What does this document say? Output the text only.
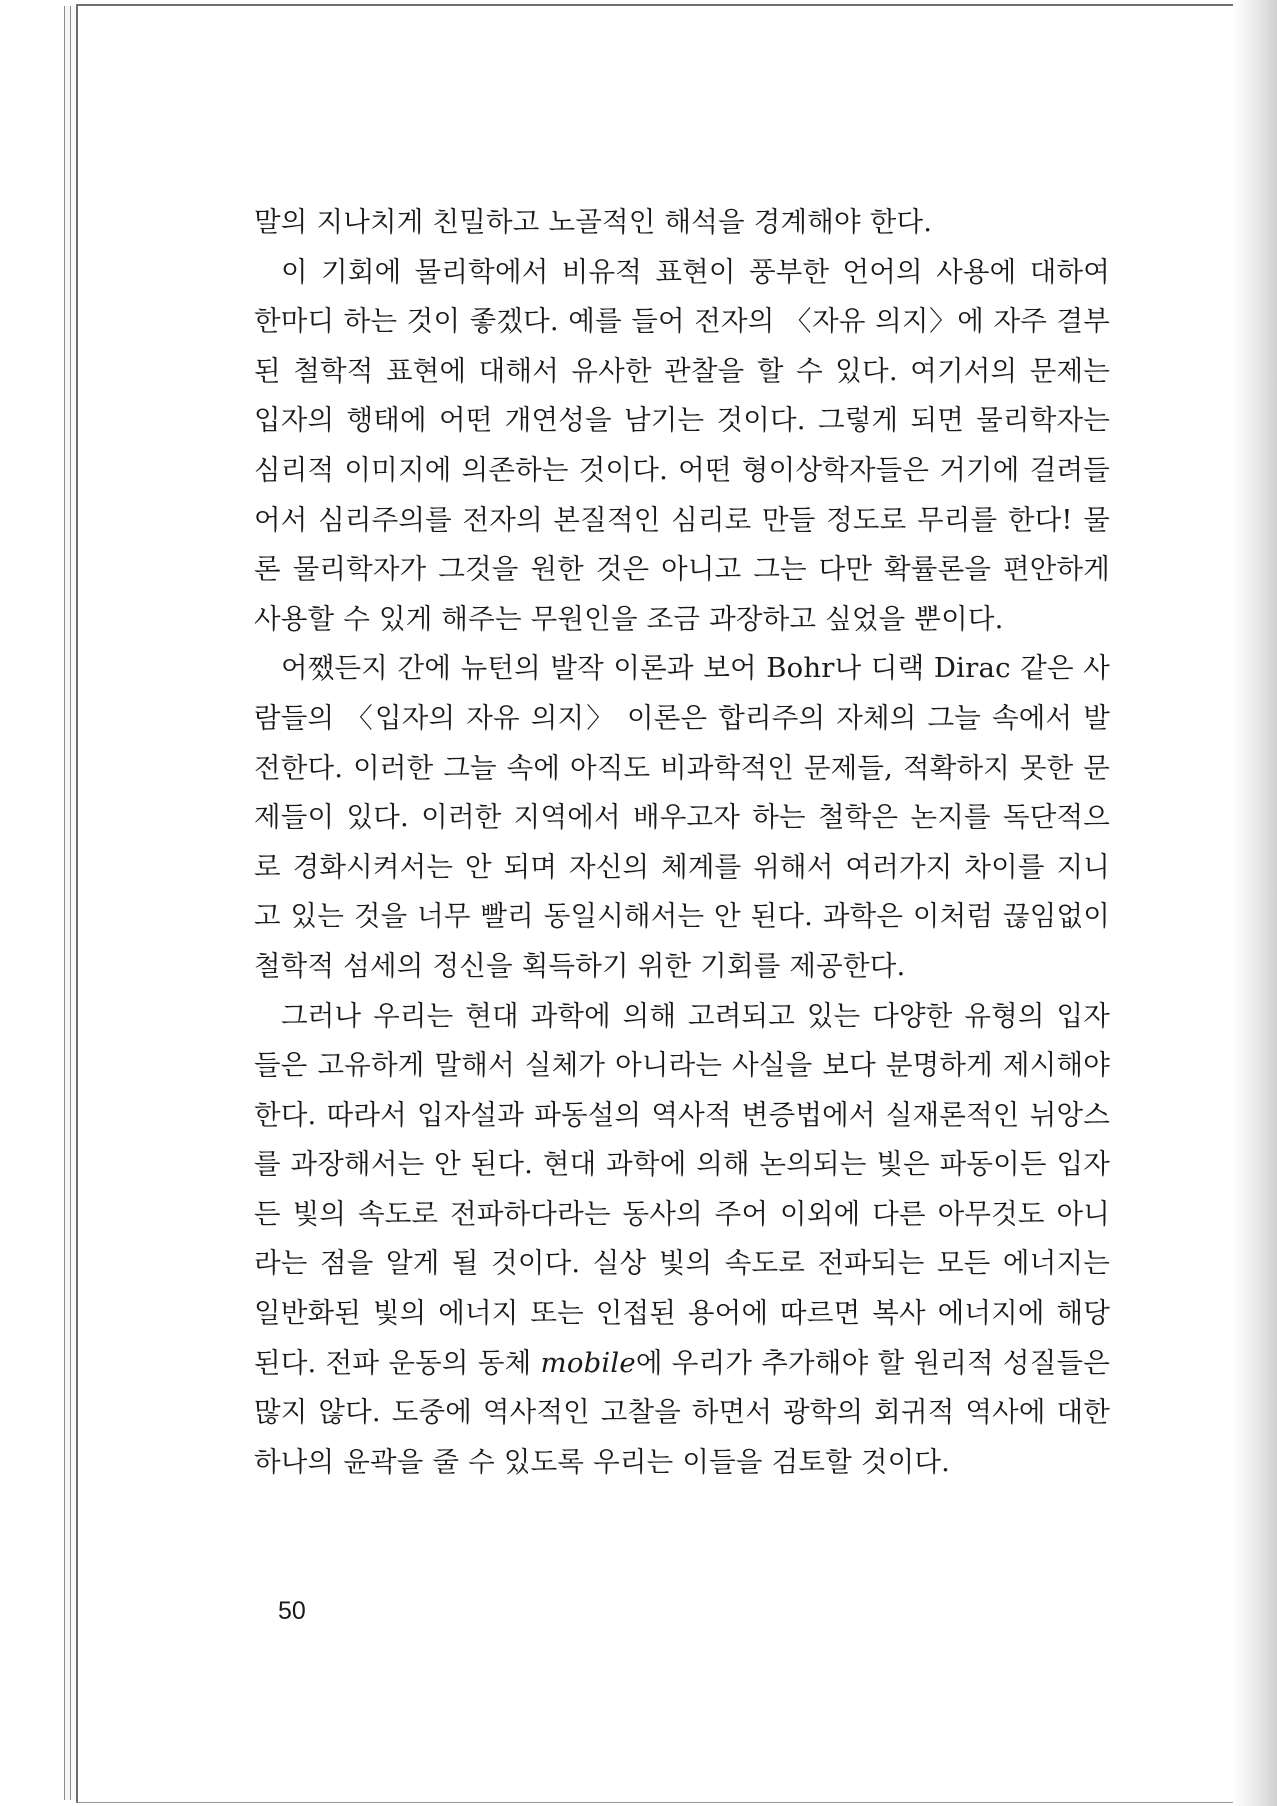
말의 지나치게 친밀하고 노골적인 해석을 경계해야 한다.

이 기회에 물리학에서 비유적 표현이 풍부한 언어의 사용에 대하여 한마디 하는 것이 좋겠다. 예를 들어 전자의 〈자유 의지〉에 자주 결부된 철학적 표현에 대해서 유사한 관찰을 할 수 있다. 여기서의 문제는 입자의 행태에 어떤 개연성을 남기는 것이다. 그렇게 되면 물리학자는 심리적 이미지에 의존하는 것이다. 어떤 형이상학자들은 거기에 걸려들어서 심리주의를 전자의 본질적인 심리로 만들 정도로 무리를 한다! 물론 물리학자가 그것을 원한 것은 아니고 그는 다만 확률론을 편안하게 사용할 수 있게 해주는 무원인을 조금 과장하고 싶었을 뿐이다.

어쨌든지 간에 뉴턴의 발작 이론과 보어 Bohr나 디랙 Dirac 같은 사람들의 〈입자의 자유 의지〉 이론은 합리주의 자체의 그늘 속에서 발전한다. 이러한 그늘 속에 아직도 비과학적인 문제들, 적확하지 못한 문제들이 있다. 이러한 지역에서 배우고자 하는 철학은 논지를 독단적으로 경화시켜서는 안 되며 자신의 체계를 위해서 여러가지 차이를 지니고 있는 것을 너무 빨리 동일시해서는 안 된다. 과학은 이처럼 끊임없이 철학적 섬세의 정신을 획득하기 위한 기회를 제공한다.

그러나 우리는 현대 과학에 의해 고려되고 있는 다양한 유형의 입자들은 고유하게 말해서 실체가 아니라는 사실을 보다 분명하게 제시해야 한다. 따라서 입자설과 파동설의 역사적 변증법에서 실재론적인 뉘앙스를 과장해서는 안 된다. 현대 과학에 의해 논의되는 빛은 파동이든 입자든 빛의 속도로 전파하다라는 동사의 주어 이외에 다른 아무것도 아니라는 점을 알게 될 것이다. 실상 빛의 속도로 전파되는 모든 에너지는 일반화된 빛의 에너지 또는 인접된 용어에 따르면 복사 에너지에 해당된다. 전파 운동의 동체 mobile에 우리가 추가해야 할 원리적 성질들은 많지 않다. 도중에 역사적인 고찰을 하면서 광학의 회귀적 역사에 대한 하나의 윤곽을 줄 수 있도록 우리는 이들을 검토할 것이다.

50
